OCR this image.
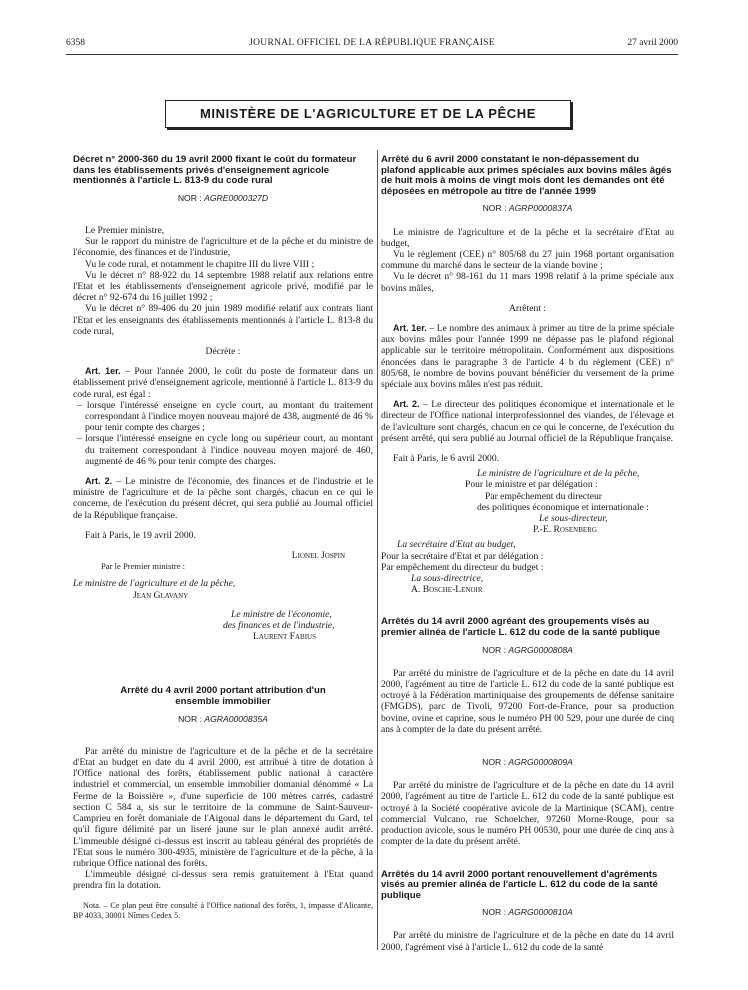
6358	JOURNAL OFFICIEL DE LA RÉPUBLIQUE FRANÇAISE	27 avril 2000
MINISTÈRE DE L'AGRICULTURE ET DE LA PÊCHE
Décret n° 2000-360 du 19 avril 2000 fixant le coût du formateur dans les établissements privés d'enseignement agricole mentionnés à l'article L. 813-9 du code rural
NOR : AGRE0000327D

Le Premier ministre,

Sur le rapport du ministre de l'agriculture et de la pêche et du ministre de l'économie, des finances et de l'industrie,

Vu le code rural, et notamment le chapitre III du livre VIII ;

Vu le décret n° 88-922 du 14 septembre 1988 relatif aux relations entre l'Etat et les établissements d'enseignement agricole privé, modifié par le décret n° 92-674 du 16 juillet 1992 ;

Vu le décret n° 89-406 du 20 juin 1989 modifié relatif aux contrats liant l'Etat et les enseignants des établissements mentionnés à l'article L. 813-8 du code rural,

Décrète :

Art. 1er. – Pour l'année 2000, le coût du poste de formateur dans un établissement privé d'enseignement agricole, mentionné à l'article L. 813-9 du code rural, est égal :

– lorsque l'intéressé enseigne en cycle court, au montant du traitement correspondant à l'indice moyen nouveau majoré de 438, augmenté de 46 % pour tenir compte des charges ;

– lorsque l'intéressé enseigne en cycle long ou supérieur court, au montant du traitement correspondant à l'indice nouveau moyen majoré de 460, augmenté de 46 % pour tenir compte des charges.

Art. 2. – Le ministre de l'économie, des finances et de l'industrie et le ministre de l'agriculture et de la pêche sont chargés, chacun en ce qui le concerne, de l'exécution du présent décret, qui sera publié au Journal officiel de la République française.

Fait à Paris, le 19 avril 2000.

Lionel Jospin

Par le Premier ministre :

Le ministre de l'agriculture et de la pêche,

Jean Glavany

Le ministre de l'économie,

des finances et de l'industrie,

Laurent Fabius

Arrêté du 4 avril 2000 portant attribution d'un ensemble immobilier
NOR : AGRA0000835A

Par arrêté du ministre de l'agriculture et de la pêche et de la secrétaire d'Etat au budget en date du 4 avril 2000, est attribué à titre de dotation à l'Office national des forêts, établissement public national à caractère industriel et commercial, un ensemble immobilier domanial dénommé « La Ferme de la Boissière », d'une superficie de 100 mètres carrés, cadastré section C 584 a, sis sur le territoire de la commune de Saint-Sauveur-Camprieu en forêt domaniale de l'Aigoual dans le département du Gard, tel qu'il figure délimité par un liseré jaune sur le plan annexé audit arrêté. L'immeuble désigné ci-dessus est inscrit au tableau général des propriétés de l'Etat sous le numéro 300-4935, ministère de l'agriculture et de la pêche, à la rubrique Office national des forêts.

L'immeuble désigné ci-dessus sera remis gratuitement à l'Etat quand prendra fin la dotation.

Nota. – Ce plan peut être consulté à l'Office national des forêts, 1, impasse d'Alicante, BP 4033, 30001 Nîmes Cedex 5.

Arrêté du 6 avril 2000 constatant le non-dépassement du plafond applicable aux primes spéciales aux bovins mâles âgés de huit mois à moins de vingt mois dont les demandes ont été déposées en métropole au titre de l'année 1999
NOR : AGRP0000837A

Le ministre de l'agriculture et de la pêche et la secrétaire d'Etat au budget,

Vu le règlement (CEE) n° 805/68 du 27 juin 1968 portant organisation commune du marché dans le secteur de la viande bovine ;

Vu le décret n° 98-161 du 11 mars 1998 relatif à la prime spéciale aux bovins mâles,

Arrêtent :

Art. 1er. – Le nombre des animaux à primer au titre de la prime spéciale aux bovins mâles pour l'année 1999 ne dépasse pas le plafond régional applicable sur le territoire métropolitain. Conformément aux dispositions énoncées dans le paragraphe 3 de l'article 4 b du règlement (CEE) n° 805/68, le nombre de bovins pouvant bénéficier du versement de la prime spéciale aux bovins mâles n'est pas réduit.

Art. 2. – Le directeur des politiques économique et internationale et le directeur de l'Office national interprofessionnel des viandes, de l'élevage et de l'aviculture sont chargés, chacun en ce qui le concerne, de l'exécution du présent arrêté, qui sera publié au Journal officiel de la République française.

Fait à Paris, le 6 avril 2000.

Le ministre de l'agriculture et de la pêche,

Pour le ministre et par délégation :

Par empêchement du directeur

des politiques économique et internationale :

Le sous-directeur,

P.-E. Rosenberg

La secrétaire d'Etat au budget,

Pour la secrétaire d'Etat et par délégation :

Par empêchement du directeur du budget :

La sous-directrice,

A. Bosche-Lenoir

Arrêtés du 14 avril 2000 agréant des groupements visés au premier alinéa de l'article L. 612 du code de la santé publique
NOR : AGRG0000808A

Par arrêté du ministre de l'agriculture et de la pêche en date du 14 avril 2000, l'agrément au titre de l'article L. 612 du code de la santé publique est octroyé à la Fédération martiniquaise des groupements de défense sanitaire (FMGDS), parc de Tivoli, 97200 Fort-de-France, pour sa production bovine, ovine et caprine, sous le numéro PH 00 529, pour une durée de cinq ans à compter de la date du présent arrêté.

NOR : AGRG0000809A

Par arrêté du ministre de l'agriculture et de la pêche en date du 14 avril 2000, l'agrément au titre de l'article L. 612 du code de la santé publique est octroyé à la Société coopérative avicole de la Martinique (SCAM), centre commercial Vulcano, rue Schoelcher, 97260 Morne-Rouge, pour sa production avicole, sous le numéro PH 00530, pour une durée de cinq ans à compter de la date du présent arrêté.

Arrêtés du 14 avril 2000 portant renouvellement d'agréments visés au premier alinéa de l'article L. 612 du code de la santé publique
NOR : AGRG0000810A

Par arrêté du ministre de l'agriculture et de la pêche en date du 14 avril 2000, l'agrément visé à l'article L. 612 du code de la santé
